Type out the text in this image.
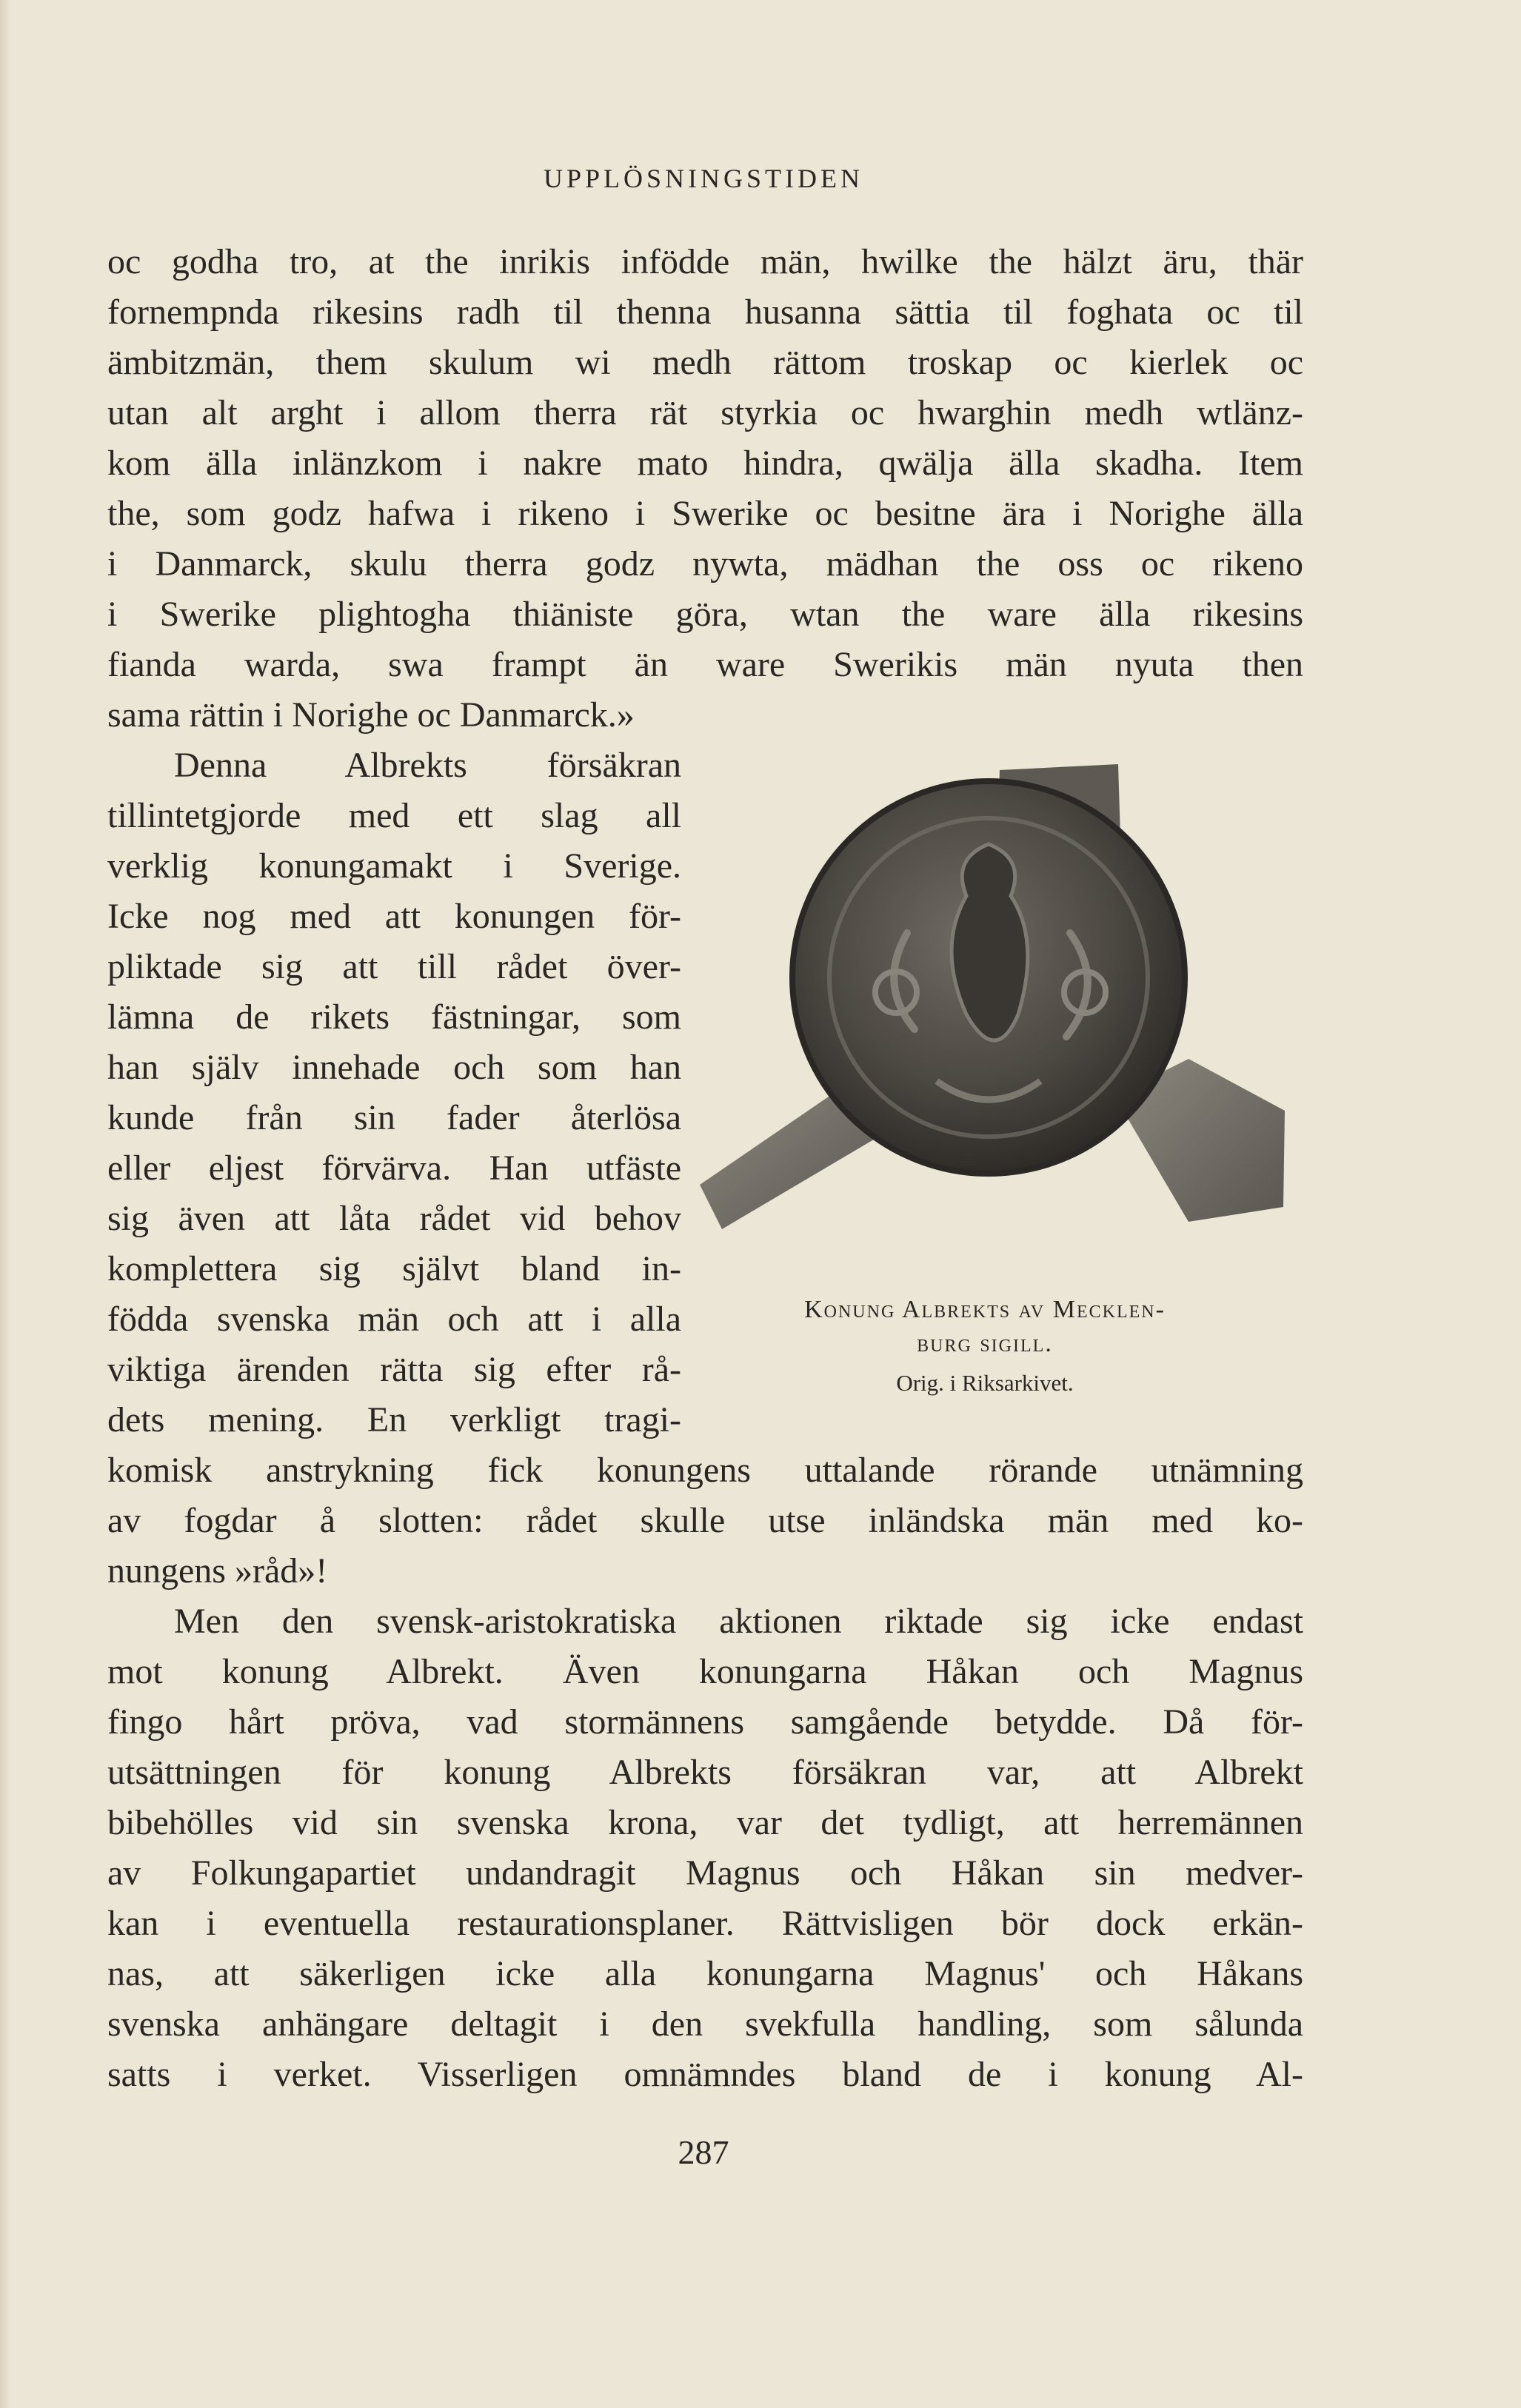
UPPLÖSNINGSTIDEN
oc godha tro, at the inrikis infödde män, hwilke the hälzt äru, thär
fornempnda rikesins radh til thenna husanna sättia til foghata oc til
ämbitzmän, them skulum wi medh rättom troskap oc kierlek oc
utan alt arght i allom therra rät styrkia oc hwarghin medh wtlänz-
kom älla inlänzkom i nakre mato hindra, qwälja älla skadha. Item
the, som godz hafwa i rikeno i Swerike oc besitne ära i Norighe älla
i Danmarck, skulu therra godz nywta, mädhan the oss oc rikeno
i Swerike plightogha thiäniste göra, wtan the ware älla rikesins
fianda warda, swa frampt än ware Swerikis män nyuta then
sama rättin i Norighe oc Danmarck.»
Denna Albrekts försäkran
tillintetgjorde med ett slag all
verklig konungamakt i Sverige.
Icke nog med att konungen för-
pliktade sig att till rådet över-
lämna de rikets fästningar, som
han själv innehade och som han
kunde från sin fader återlösa
eller eljest förvärva. Han utfäste
sig även att låta rådet vid behov
komplettera sig självt bland in-
födda svenska män och att i alla
viktiga ärenden rätta sig efter rå-
dets mening. En verkligt tragi-
komisk anstrykning fick konungens uttalande rörande utnämning
av fogdar å slotten: rådet skulle utse inländska män med ko-
nungens »råd»!
Men den svensk-aristokratiska aktionen riktade sig icke endast
mot konung Albrekt. Även konungarna Håkan och Magnus
fingo hårt pröva, vad stormännens samgående betydde. Då för-
utsättningen för konung Albrekts försäkran var, att Albrekt
bibehölles vid sin svenska krona, var det tydligt, att herremännen
av Folkungapartiet undandragit Magnus och Håkan sin medver-
kan i eventuella restaurationsplaner. Rättvisligen bör dock erkän-
nas, att säkerligen icke alla konungarna Magnus' och Håkans
svenska anhängare deltagit i den svekfulla handling, som sålunda
satts i verket. Visserligen omnämndes bland de i konung Al-
Konung Albrekts av Mecklen-
burg sigill.
Orig. i Riksarkivet.
287
